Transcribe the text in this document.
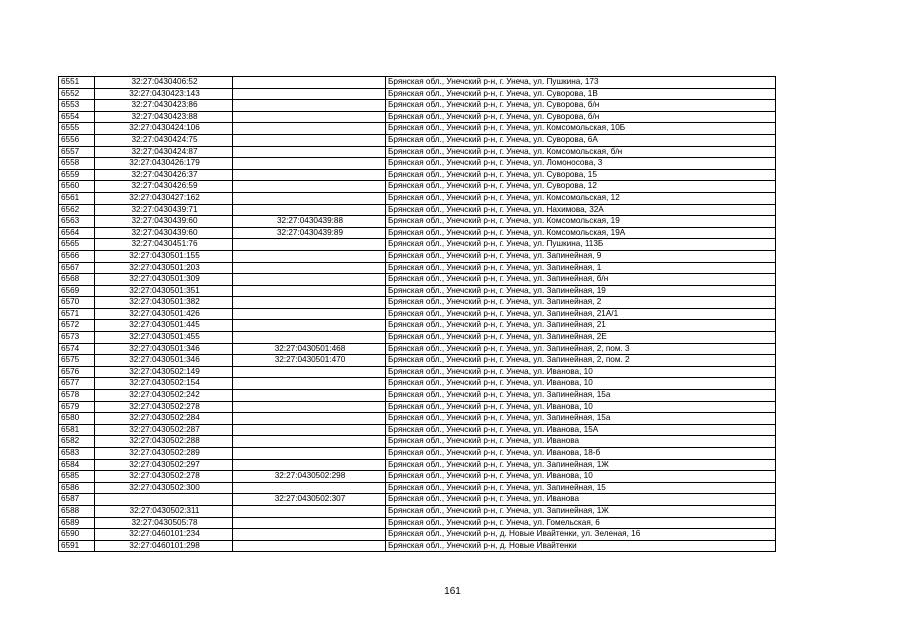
6551	32:27:0430406:52		Брянская обл., Унечский р-н, г. Унеча, ул. Пушкина, 173
6552	32:27:0430423:143		Брянская обл., Унечский р-н, г. Унеча, ул. Суворова, 1В
6553	32:27:0430423:86		Брянская обл., Унечский р-н, г. Унеча, ул. Суворова, б/н
6554	32:27:0430423:88		Брянская обл., Унечский р-н, г. Унеча, ул. Суворова, б/н
6555	32:27:0430424:106		Брянская обл., Унечский р-н, г. Унеча, ул. Комсомольская, 10Б
6556	32:27:0430424:75		Брянская обл., Унечский р-н, г. Унеча, ул. Суворова, 6А
6557	32:27:0430424:87		Брянская обл., Унечский р-н, г. Унеча, ул. Комсомольская, б/н
6558	32:27:0430426:179		Брянская обл., Унечский р-н, г. Унеча, ул. Ломоносова, 3
6559	32:27:0430426:37		Брянская обл., Унечский р-н, г. Унеча, ул. Суворова, 15
6560	32:27:0430426:59		Брянская обл., Унечский р-н, г. Унеча, ул. Суворова, 12
6561	32:27:0430427:162		Брянская обл., Унечский р-н, г. Унеча, ул. Комсомольская, 12
6562	32:27:0430439:71		Брянская обл., Унечский р-н, г. Унеча, ул. Нахимова, 32А
6563	32:27:0430439:60	32:27:0430439:88	Брянская обл., Унечский р-н, г. Унеча, ул. Комсомольская, 19
6564	32:27:0430439:60	32:27:0430439:89	Брянская обл., Унечский р-н, г. Унеча, ул. Комсомольская, 19А
6565	32:27:0430451:76		Брянская обл., Унечский р-н, г. Унеча, ул. Пушкина, 113Б
6566	32:27:0430501:155		Брянская обл., Унечский р-н, г. Унеча, ул. Запинейная, 9
6567	32:27:0430501:203		Брянская обл., Унечский р-н, г. Унеча, ул. Запинейная, 1
6568	32:27:0430501:309		Брянская обл., Унечский р-н, г. Унеча, ул. Запинейная, б/н
6569	32:27:0430501:351		Брянская обл., Унечский р-н, г. Унеча, ул. Запинейная, 19
6570	32:27:0430501:382		Брянская обл., Унечский р-н, г. Унеча, ул. Запинейная, 2
6571	32:27:0430501:426		Брянская обл., Унечский р-н, г. Унеча, ул. Запинейная, 21А/1
6572	32:27:0430501:445		Брянская обл., Унечский р-н, г. Унеча, ул. Запинейная, 21
6573	32:27:0430501:455		Брянская обл., Унечский р-н, г. Унеча, ул. Запинейная, 2Е
6574	32:27:0430501:346	32:27:0430501:468	Брянская обл., Унечский р-н, г. Унеча, ул. Запинейная, 2, пом. 3
6575	32:27:0430501:346	32:27:0430501:470	Брянская обл., Унечский р-н, г. Унеча, ул. Запинейная, 2, пом. 2
6576	32:27:0430502:149		Брянская обл., Унечский р-н, г. Унеча, ул. Иванова, 10
6577	32:27:0430502:154		Брянская обл., Унечский р-н, г. Унеча, ул. Иванова, 10
6578	32:27:0430502:242		Брянская обл., Унечский р-н, г. Унеча, ул. Запинейная, 15а
6579	32:27:0430502:278		Брянская обл., Унечский р-н, г. Унеча, ул. Иванова, 10
6580	32:27:0430502:284		Брянская обл., Унечский р-н, г. Унеча, ул. Запинейная, 15а
6581	32:27:0430502:287		Брянская обл., Унечский р-н, г. Унеча, ул. Иванова, 15А
6582	32:27:0430502:288		Брянская обл., Унечский р-н, г. Унеча, ул. Иванова
6583	32:27:0430502:289		Брянская обл., Унечский р-н, г. Унеча, ул. Иванова, 18-б
6584	32:27:0430502:297		Брянская обл., Унечский р-н, г. Унеча, ул. Запинейная, 1Ж
6585	32:27:0430502:278	32:27:0430502:298	Брянская обл., Унечский р-н, г. Унеча, ул. Иванова, 10
6586	32:27:0430502:300		Брянская обл., Унечский р-н, г. Унеча, ул. Запинейная, 15
6587		32:27:0430502:307	Брянская обл., Унечский р-н, г. Унеча, ул. Иванова
6588	32:27:0430502:311		Брянская обл., Унечский р-н, г. Унеча, ул. Запинейная, 1Ж
6589	32:27:0430505:78		Брянская обл., Унечский р-н, г. Унеча, ул. Гомельская, 6
6590	32:27:0460101:234		Брянская обл., Унечский р-н, д. Новые Ивайтенки, ул. Зеленая, 16
6591	32:27:0460101:298		Брянская обл., Унечский р-н, д. Новые Ивайтенки
161
